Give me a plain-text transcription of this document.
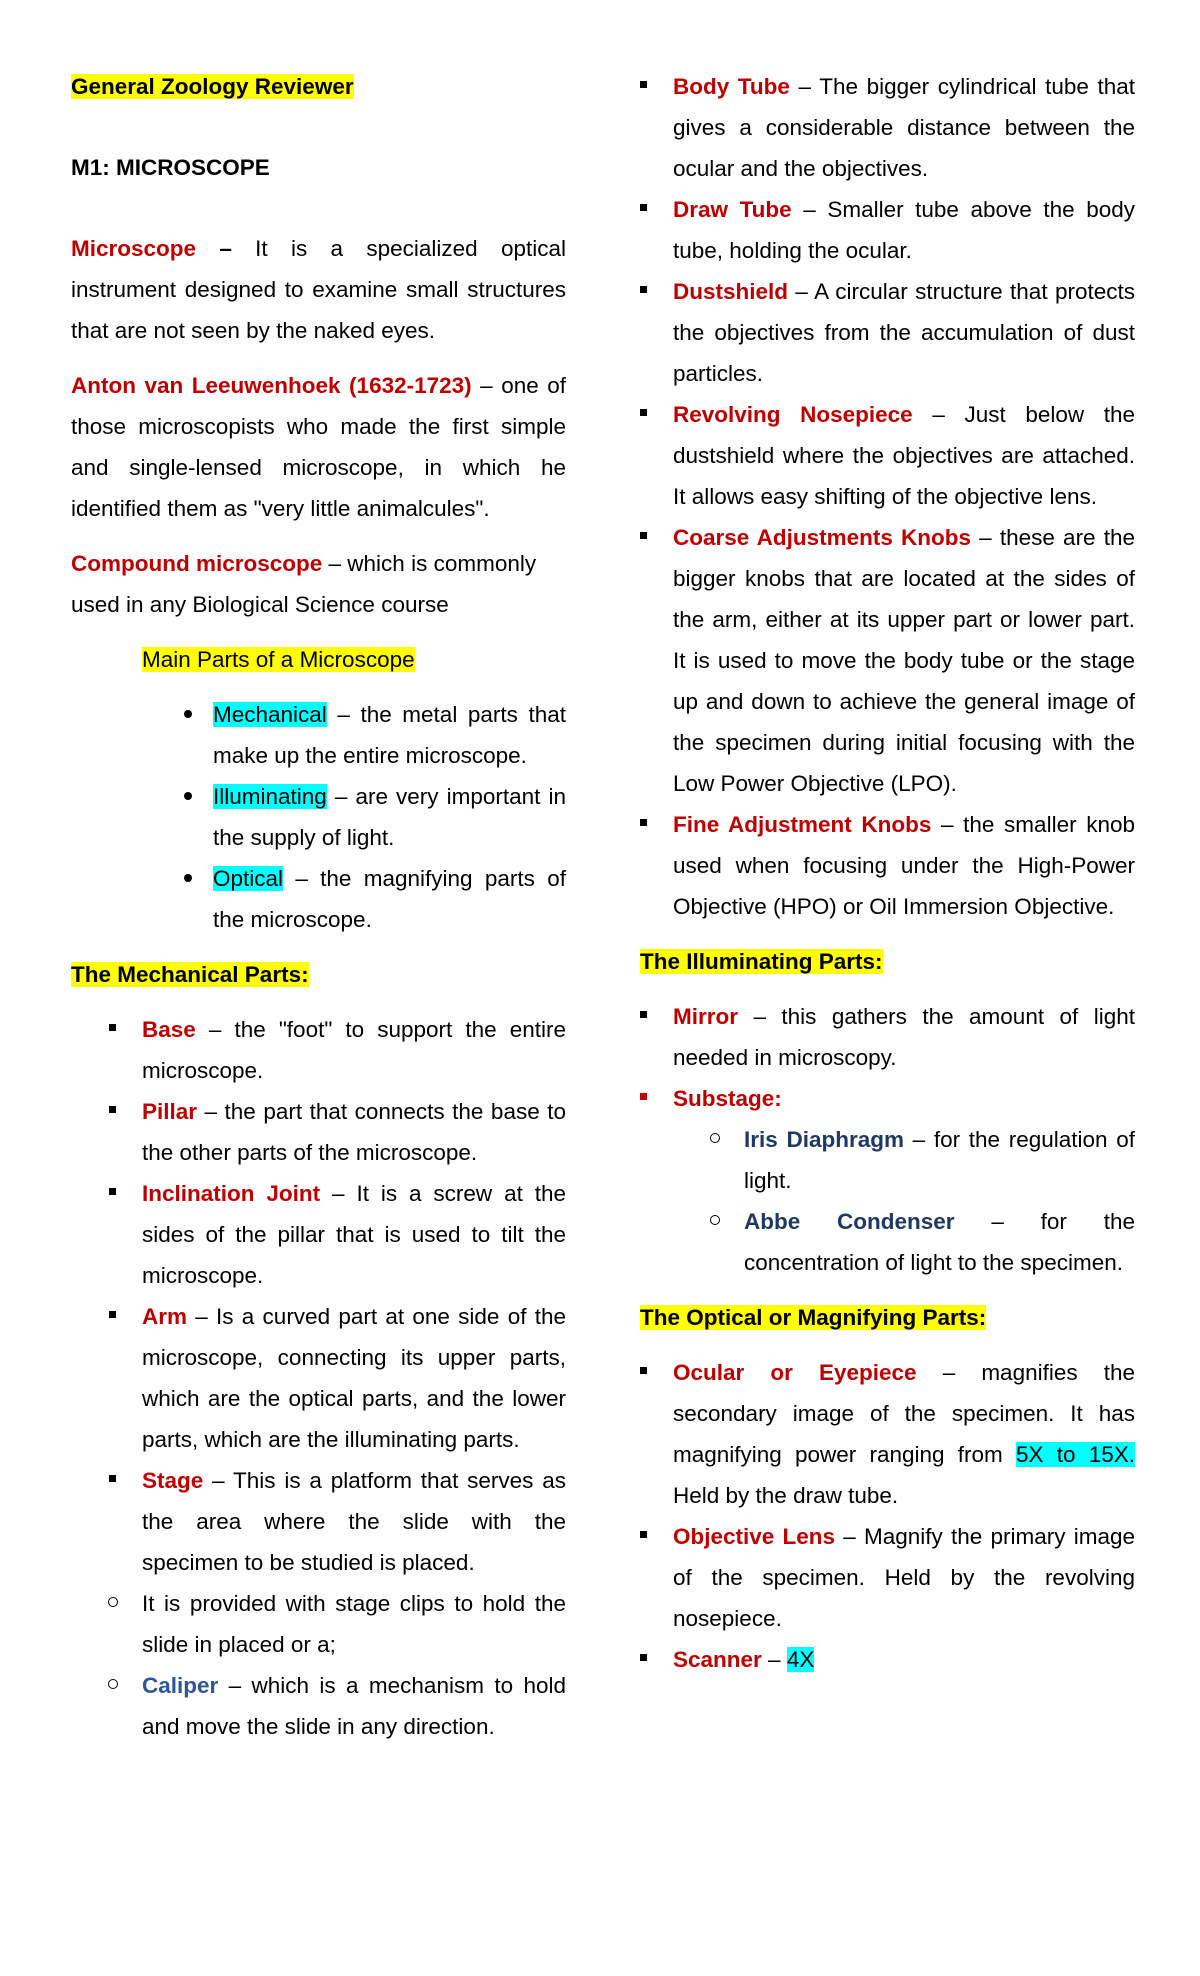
General Zoology Reviewer

M1: MICROSCOPE

Microscope – It is a specialized optical instrument designed to examine small structures that are not seen by the naked eyes.

Anton van Leeuwenhoek (1632-1723) – one of those microscopists who made the first simple and single-lensed microscope, in which he identified them as "very little animalcules".

Compound microscope – which is commonly used in any Biological Science course

Main Parts of a Microscope

Mechanical – the metal parts that make up the entire microscope.
Illuminating – are very important in the supply of light.
Optical – the magnifying parts of the microscope.

The Mechanical Parts:

Base – the "foot" to support the entire microscope.
Pillar – the part that connects the base to the other parts of the microscope.
Inclination Joint – It is a screw at the sides of the pillar that is used to tilt the microscope.
Arm – Is a curved part at one side of the microscope, connecting its upper parts, which are the optical parts, and the lower parts, which are the illuminating parts.
Stage – This is a platform that serves as the area where the slide with the specimen to be studied is placed.
It is provided with stage clips to hold the slide in placed or a;
Caliper – which is a mechanism to hold and move the slide in any direction.
Body Tube – The bigger cylindrical tube that gives a considerable distance between the ocular and the objectives.
Draw Tube – Smaller tube above the body tube, holding the ocular.
Dustshield – A circular structure that protects the objectives from the accumulation of dust particles.
Revolving Nosepiece – Just below the dustshield where the objectives are attached. It allows easy shifting of the objective lens.
Coarse Adjustments Knobs – these are the bigger knobs that are located at the sides of the arm, either at its upper part or lower part. It is used to move the body tube or the stage up and down to achieve the general image of the specimen during initial focusing with the Low Power Objective (LPO).
Fine Adjustment Knobs – the smaller knob used when focusing under the High-Power Objective (HPO) or Oil Immersion Objective.

The Illuminating Parts:

Mirror – this gathers the amount of light needed in microscopy.
Substage:
Iris Diaphragm – for the regulation of light.
Abbe Condenser – for the concentration of light to the specimen.

The Optical or Magnifying Parts:

Ocular or Eyepiece – magnifies the secondary image of the specimen. It has magnifying power ranging from 5X to 15X. Held by the draw tube.
Objective Lens – Magnify the primary image of the specimen. Held by the revolving nosepiece.
Scanner – 4X
